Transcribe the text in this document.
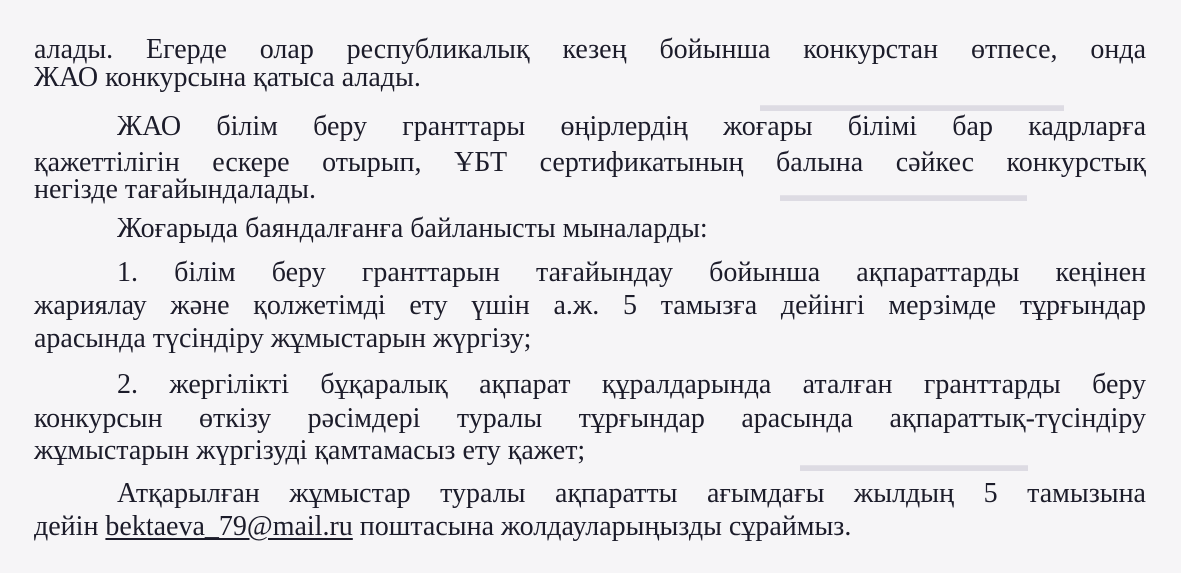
▬▬▬▬▬▬▬▬▬▬▬▬▬▬▬▬
▬▬▬▬▬▬▬▬▬▬▬▬▬
▬▬▬▬▬▬▬▬▬▬▬▬
алады. Егерде олар республикалық кезең бойынша конкурстан өтпесе, онда
ЖАО конкурсына қатыса алады.
ЖАО білім беру гранттары өңірлердің жоғары білімі бар кадрларға
қажеттілігін ескере отырып, ҰБТ сертификатының балына сәйкес конкурстық
негізде тағайындалады.
Жоғарыда баяндалғанға байланысты мыналарды:
1. білім беру гранттарын тағайындау бойынша ақпараттарды кеңінен
жариялау және қолжетімді ету үшін а.ж. 5 тамызға дейінгі мерзімде тұрғындар
арасында түсіндіру жұмыстарын жүргізу;
2. жергілікті бұқаралық ақпарат құралдарында аталған гранттарды беру
конкурсын өткізу рәсімдері туралы тұрғындар арасында ақпараттық-түсіндіру
жұмыстарын жүргізуді қамтамасыз ету қажет;
Атқарылған жұмыстар туралы ақпаратты ағымдағы жылдың 5 тамызына
дейін bektaeva_79@mail.ru поштасына жолдауларыңызды сұраймыз.
